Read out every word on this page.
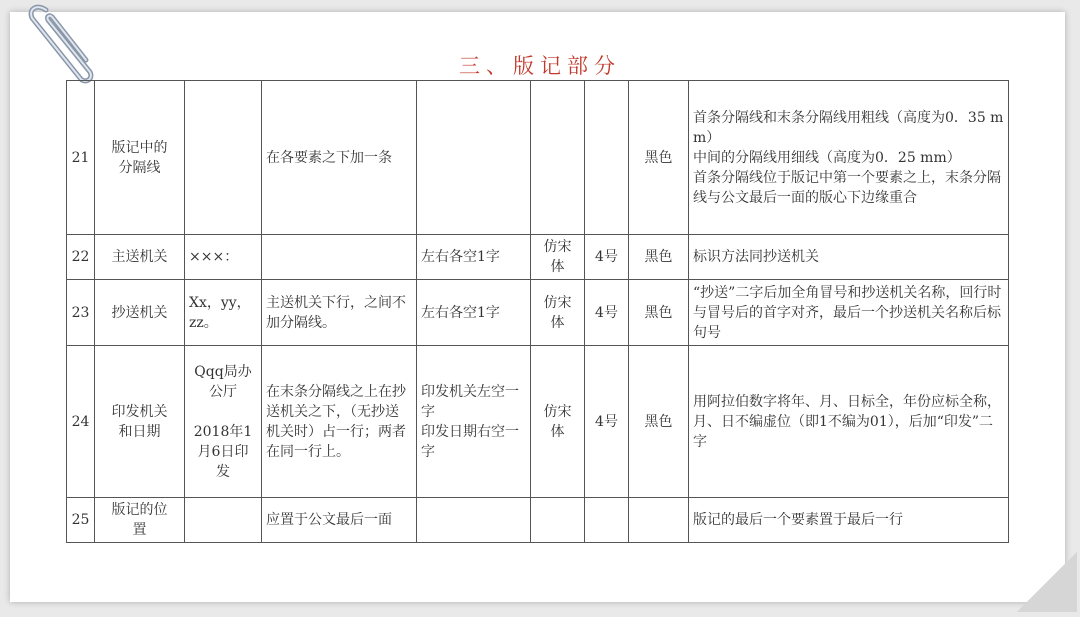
三、版记部分
21	版记中的
分隔线		在各要素之下加一条				黑色	首条分隔线和末条分隔线用粗线（高度为0．35 mm）
中间的分隔线用细线（高度为0．25 mm）
首条分隔线位于版记中第一个要素之上，末条分隔线与公文最后一面的版心下边缘重合
22	主送机关	×××：		左右各空1字	仿宋
体	4号	黑色	标识方法同抄送机关
23	抄送机关	Xx，yy，
zz。	主送机关下行，之间不加分隔线。	左右各空1字	仿宋
体	4号	黑色	“抄送”二字后加全角冒号和抄送机关名称，回行时与冒号后的首字对齐，最后一个抄送机关名称后标句号
24	印发机关
和日期	Qqq局办
公厅

2018年1
月6日印
发	在末条分隔线之上在抄送机关之下，（无抄送机关时）占一行；两者在同一行上。	印发机关左空一字
印发日期右空一字	仿宋
体	4号	黑色	用阿拉伯数字将年、月、日标全，年份应标全称，月、日不编虚位（即1不编为01），后加“印发”二字
25	版记的位
置		应置于公文最后一面					版记的最后一个要素置于最后一行
